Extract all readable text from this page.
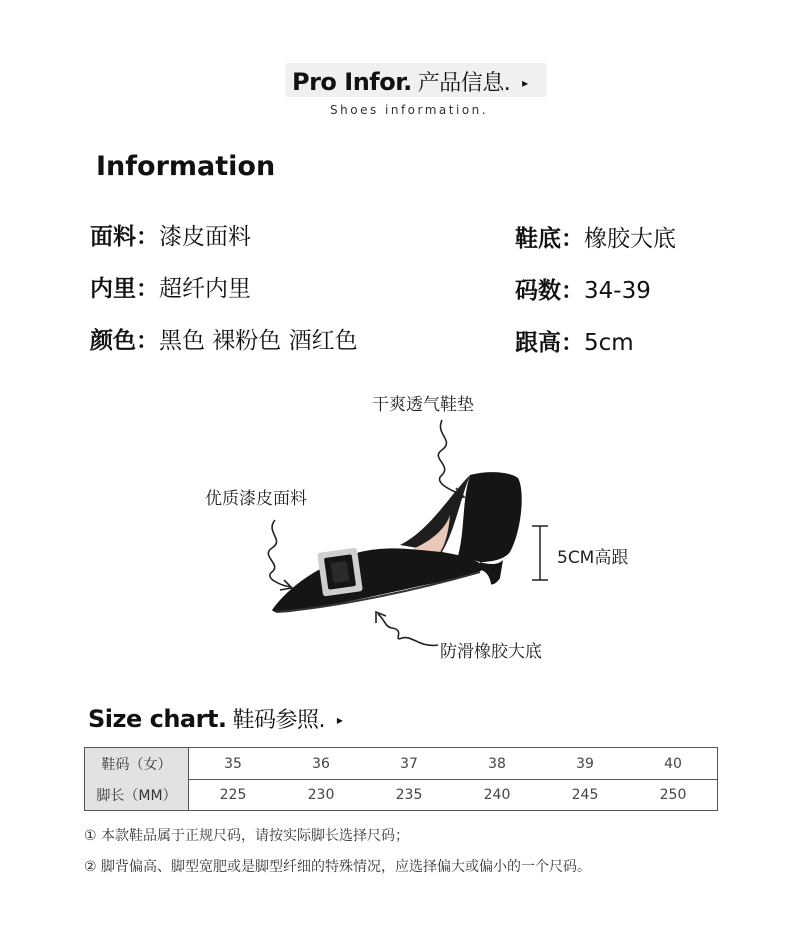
Pro Infor. 产品信息. ▸
Shoes information.
Information
面料：漆皮面料
内里：超纤内里
颜色：黑色 裸粉色 酒红色
鞋底：橡胶大底
码数：34-39
跟高：5cm
干爽透气鞋垫
优质漆皮面料
5CM高跟
防滑橡胶大底
Size chart. 鞋码参照. ▸
鞋码（女）	35	36	37	38	39	40
脚长（MM）	225	230	235	240	245	250
① 本款鞋品属于正规尺码，请按实际脚长选择尺码；
② 脚背偏高、脚型宽肥或是脚型纤细的特殊情况，应选择偏大或偏小的一个尺码。
